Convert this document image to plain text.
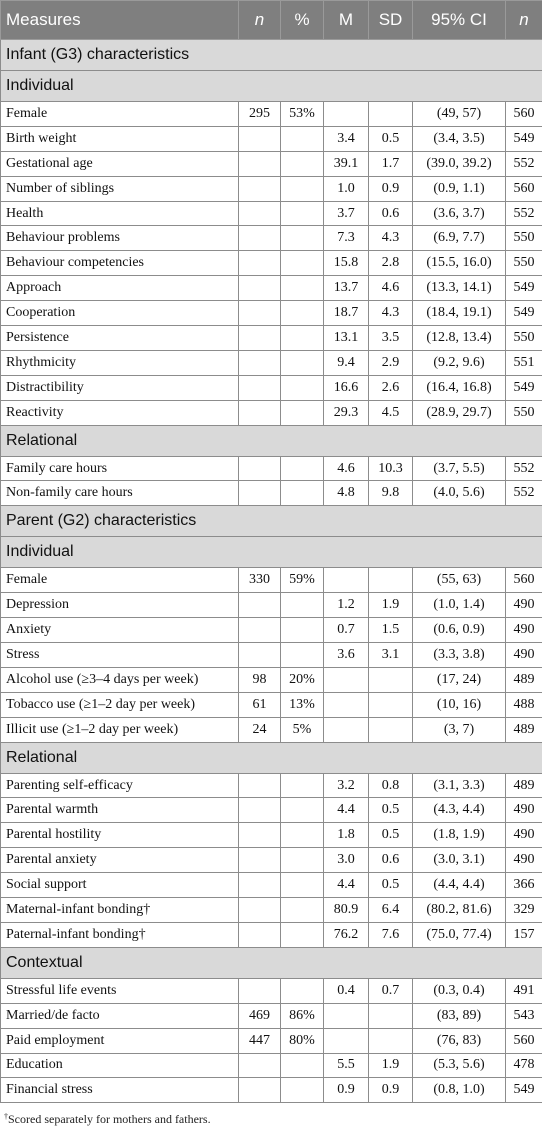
Measures	n	%	M	SD	95% CI	n
Infant (G3) characteristics						
Individual						
Female	295	53%			(49, 57)	560
Birth weight			3.4	0.5	(3.4, 3.5)	549
Gestational age			39.1	1.7	(39.0, 39.2)	552
Number of siblings			1.0	0.9	(0.9, 1.1)	560
Health			3.7	0.6	(3.6, 3.7)	552
Behaviour problems			7.3	4.3	(6.9, 7.7)	550
Behaviour competencies			15.8	2.8	(15.5, 16.0)	550
Approach			13.7	4.6	(13.3, 14.1)	549
Cooperation			18.7	4.3	(18.4, 19.1)	549
Persistence			13.1	3.5	(12.8, 13.4)	550
Rhythmicity			9.4	2.9	(9.2, 9.6)	551
Distractibility			16.6	2.6	(16.4, 16.8)	549
Reactivity			29.3	4.5	(28.9, 29.7)	550
Relational						
Family care hours			4.6	10.3	(3.7, 5.5)	552
Non-family care hours			4.8	9.8	(4.0, 5.6)	552
Parent (G2) characteristics						
Individual						
Female	330	59%			(55, 63)	560
Depression			1.2	1.9	(1.0, 1.4)	490
Anxiety			0.7	1.5	(0.6, 0.9)	490
Stress			3.6	3.1	(3.3, 3.8)	490
Alcohol use (≥3–4 days per week)	98	20%			(17, 24)	489
Tobacco use (≥1–2 day per week)	61	13%			(10, 16)	488
Illicit use (≥1–2 day per week)	24	5%			(3, 7)	489
Relational						
Parenting self-efficacy			3.2	0.8	(3.1, 3.3)	489
Parental warmth			4.4	0.5	(4.3, 4.4)	490
Parental hostility			1.8	0.5	(1.8, 1.9)	490
Parental anxiety			3.0	0.6	(3.0, 3.1)	490
Social support			4.4	0.5	(4.4, 4.4)	366
Maternal-infant bonding†			80.9	6.4	(80.2, 81.6)	329
Paternal-infant bonding†			76.2	7.6	(75.0, 77.4)	157
Contextual						
Stressful life events			0.4	0.7	(0.3, 0.4)	491
Married/de facto	469	86%			(83, 89)	543
Paid employment	447	80%			(76, 83)	560
Education			5.5	1.9	(5.3, 5.6)	478
Financial stress			0.9	0.9	(0.8, 1.0)	549
†Scored separately for mothers and fathers.
